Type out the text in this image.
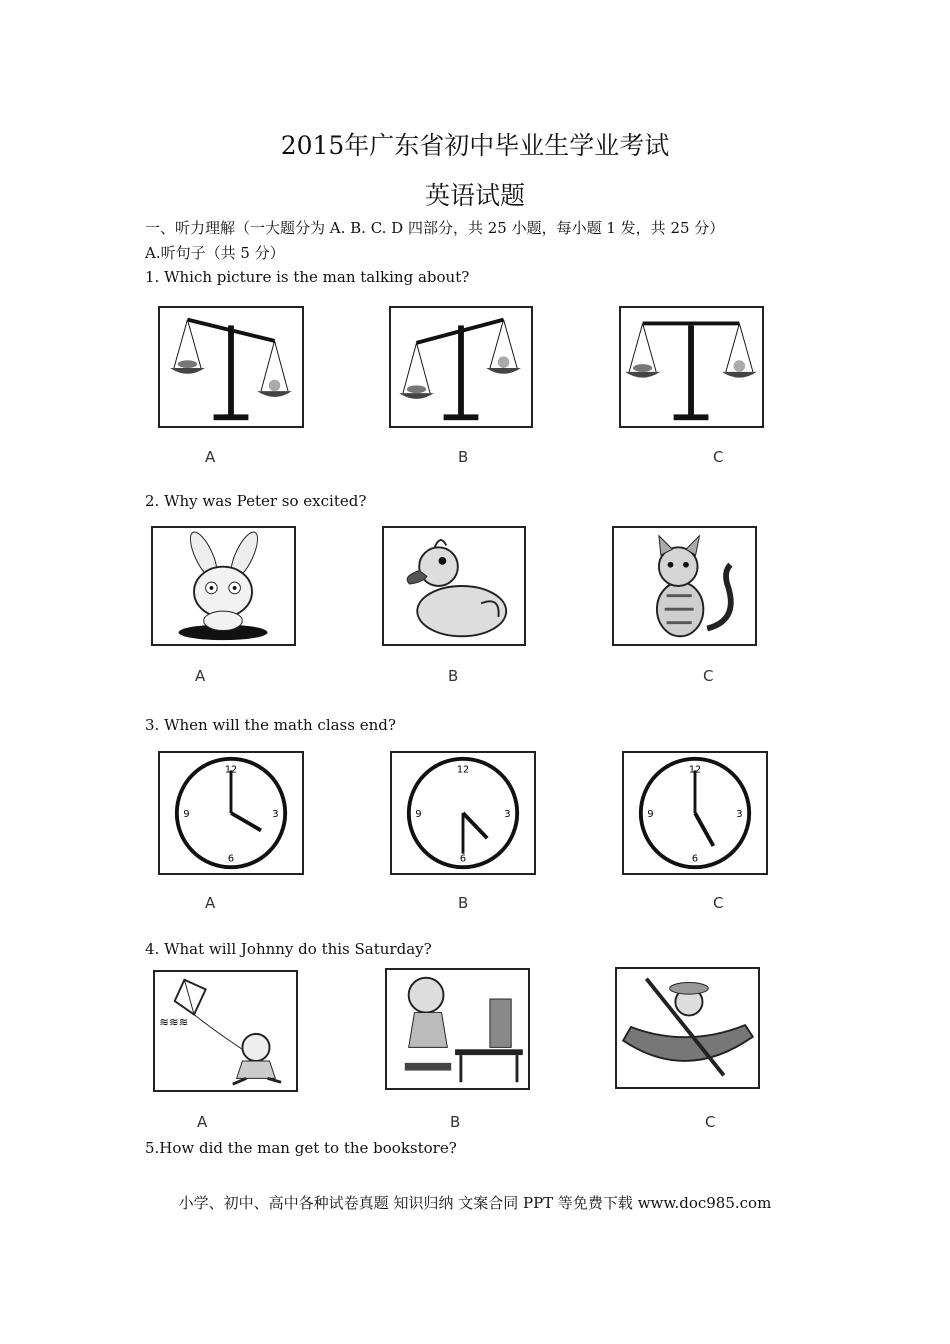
2015年广东省初中毕业生学业考试
英语试题
一、听力理解（一大题分为 A. B. C. D 四部分，共 25 小题，每小题 1 发，共 25 分）
A.听句子（共 5 分）
1. Which picture is the man talking about?
A	B	C
2. Why was Peter so excited?
A	B	C
3. When will the math class end?
12
6
9	3
12
6
9	3
12
6
9	3
A	B	C
4. What will Johnny do this Saturday?
≋≋≋
A	B	C
5.How did the man get to the bookstore?
小学、初中、高中各种试卷真题 知识归纳 文案合同 PPT 等免费下载 www.doc985.com
